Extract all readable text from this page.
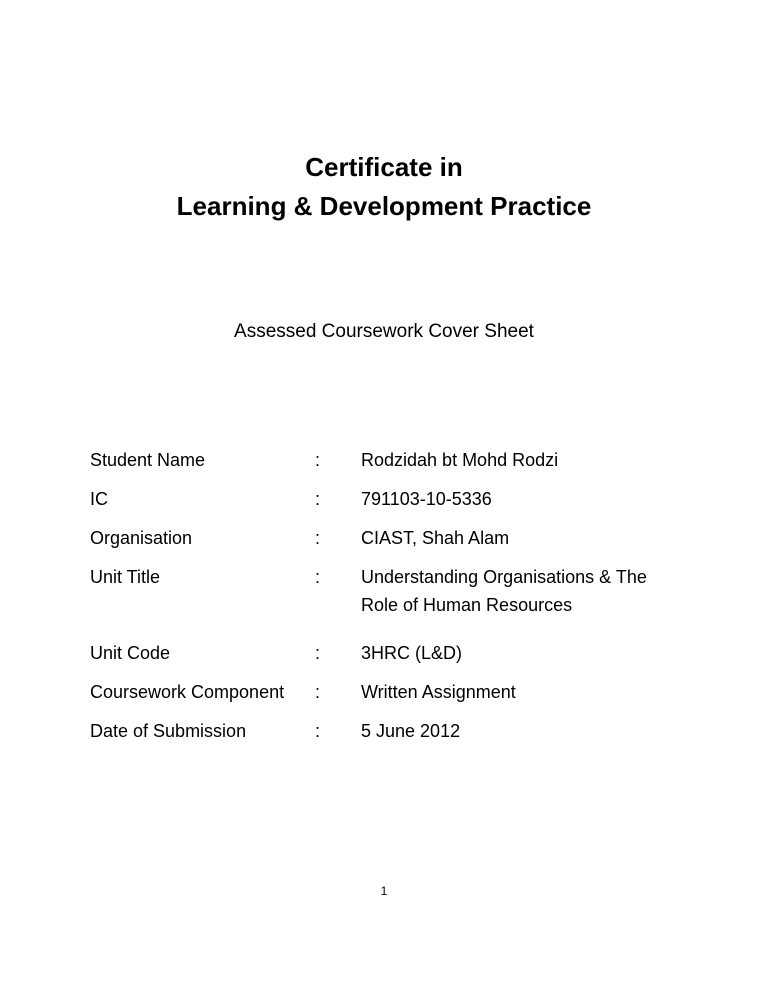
Certificate in
Learning & Development Practice
Assessed Coursework Cover Sheet
Student Name	:	Rodzidah bt Mohd Rodzi
IC	:	791103-10-5336
Organisation	:	CIAST, Shah Alam
Unit Title	:	Understanding Organisations & The
Role of Human Resources
Unit Code	:	3HRC (L&D)
Coursework Component	:	Written Assignment
Date of Submission	:	5 June 2012
1
